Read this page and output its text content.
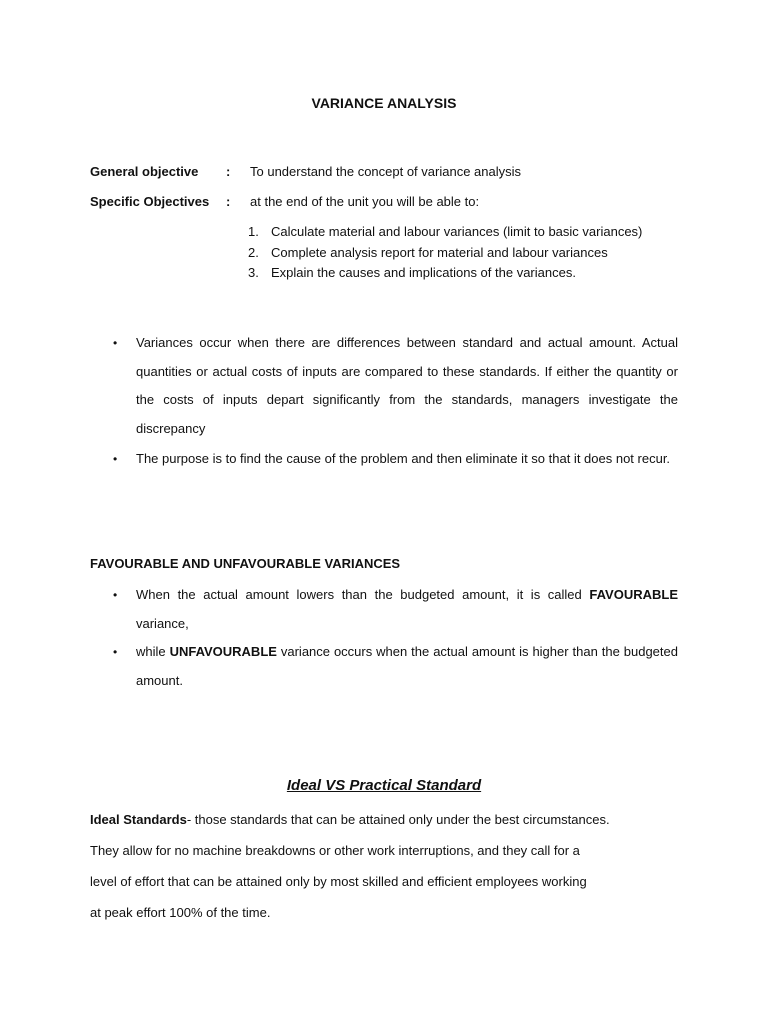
VARIANCE ANALYSIS
General objective : To understand the concept of variance analysis
Specific Objectives : at the end of the unit you will be able to:
1. Calculate material and labour variances (limit to basic variances)
2. Complete analysis report for material and labour variances
3. Explain the causes and implications of the variances.
• Variances occur when there are differences between standard and actual amount. Actual quantities or actual costs of inputs are compared to these standards. If either the quantity or the costs of inputs depart significantly from the standards, managers investigate the discrepancy
• The purpose is to find the cause of the problem and then eliminate it so that it does not recur.
FAVOURABLE AND UNFAVOURABLE VARIANCES
• When the actual amount lowers than the budgeted amount, it is called FAVOURABLE variance,
• while UNFAVOURABLE variance occurs when the actual amount is higher than the budgeted amount.
Ideal VS Practical Standard
Ideal Standards- those standards that can be attained only under the best circumstances.
They allow for no machine breakdowns or other work interruptions, and they call for a
level of effort that can be attained only by most skilled and efficient employees working
at peak effort 100% of the time.
